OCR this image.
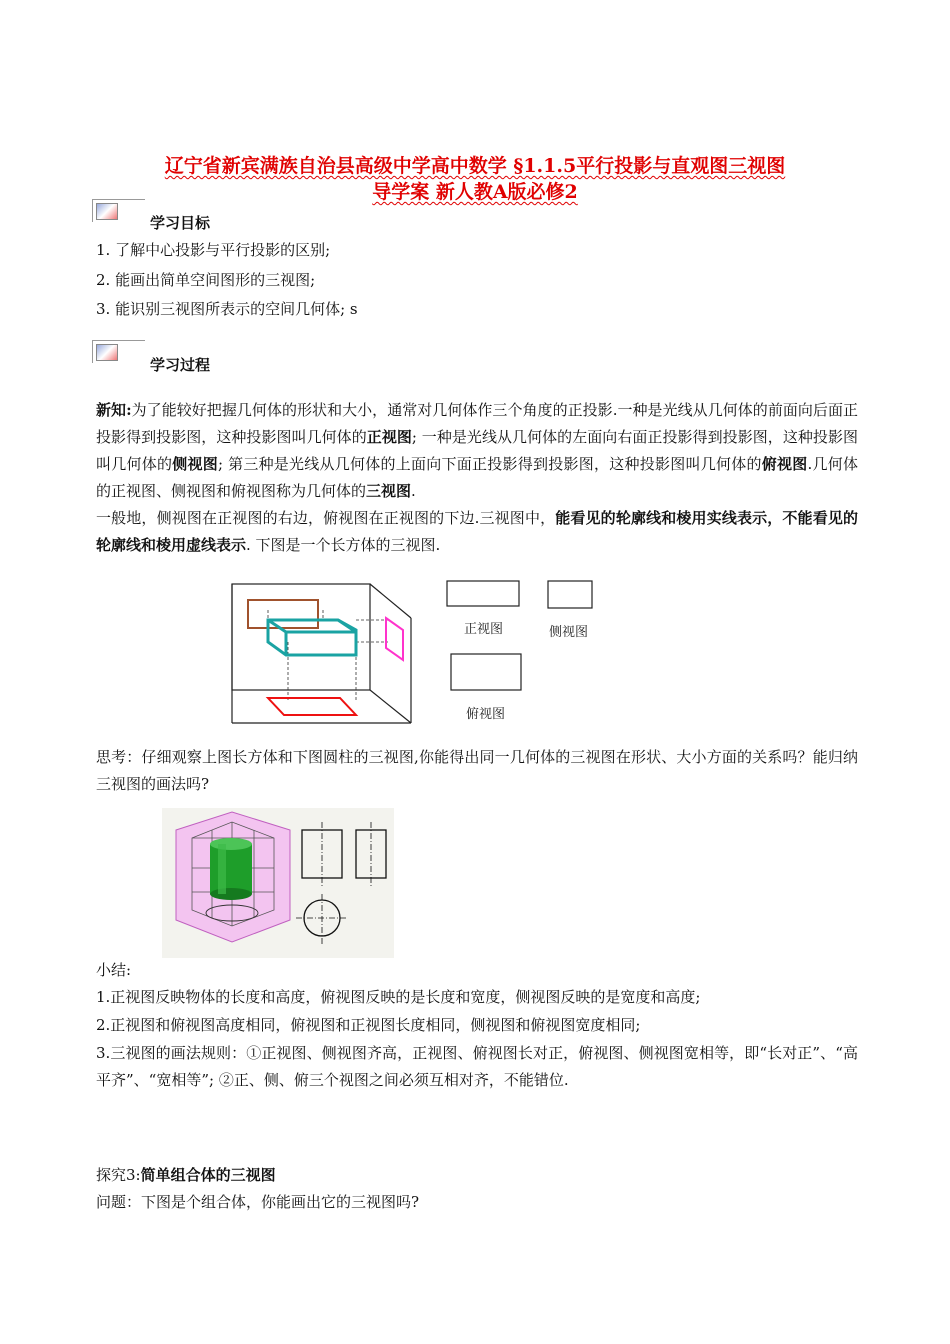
辽宁省新宾满族自治县高级中学高中数学 §1.1.5平行投影与直观图三视图
导学案 新人教A版必修2
学习目标
1. 了解中心投影与平行投影的区别;
2. 能画出简单空间图形的三视图;
3. 能识别三视图所表示的空间几何体; s
学习过程
新知:为了能较好把握几何体的形状和大小，通常对几何体作三个角度的正投影.一种是光线从几何体的前面向后面正投影得到投影图，这种投影图叫几何体的正视图; 一种是光线从几何体的左面向右面正投影得到投影图，这种投影图叫几何体的侧视图; 第三种是光线从几何体的上面向下面正投影得到投影图，这种投影图叫几何体的俯视图.几何体的正视图、侧视图和俯视图称为几何体的三视图.
一般地，侧视图在正视图的右边，俯视图在正视图的下边.三视图中，能看见的轮廓线和棱用实线表示，不能看见的轮廓线和棱用虚线表示. 下图是一个长方体的三视图.
正视图	侧视图
俯视图
思考：仔细观察上图长方体和下图圆柱的三视图,你能得出同一几何体的三视图在形状、大小方面的关系吗？能归纳三视图的画法吗?
小结:
1.正视图反映物体的长度和高度，俯视图反映的是长度和宽度，侧视图反映的是宽度和高度;
2.正视图和俯视图高度相同，俯视图和正视图长度相同，侧视图和俯视图宽度相同;
3.三视图的画法规则：①正视图、侧视图齐高，正视图、俯视图长对正，俯视图、侧视图宽相等，即“长对正”、“高平齐”、“宽相等”; ②正、侧、俯三个视图之间必须互相对齐，不能错位.
探究3:简单组合体的三视图
问题：下图是个组合体，你能画出它的三视图吗?
